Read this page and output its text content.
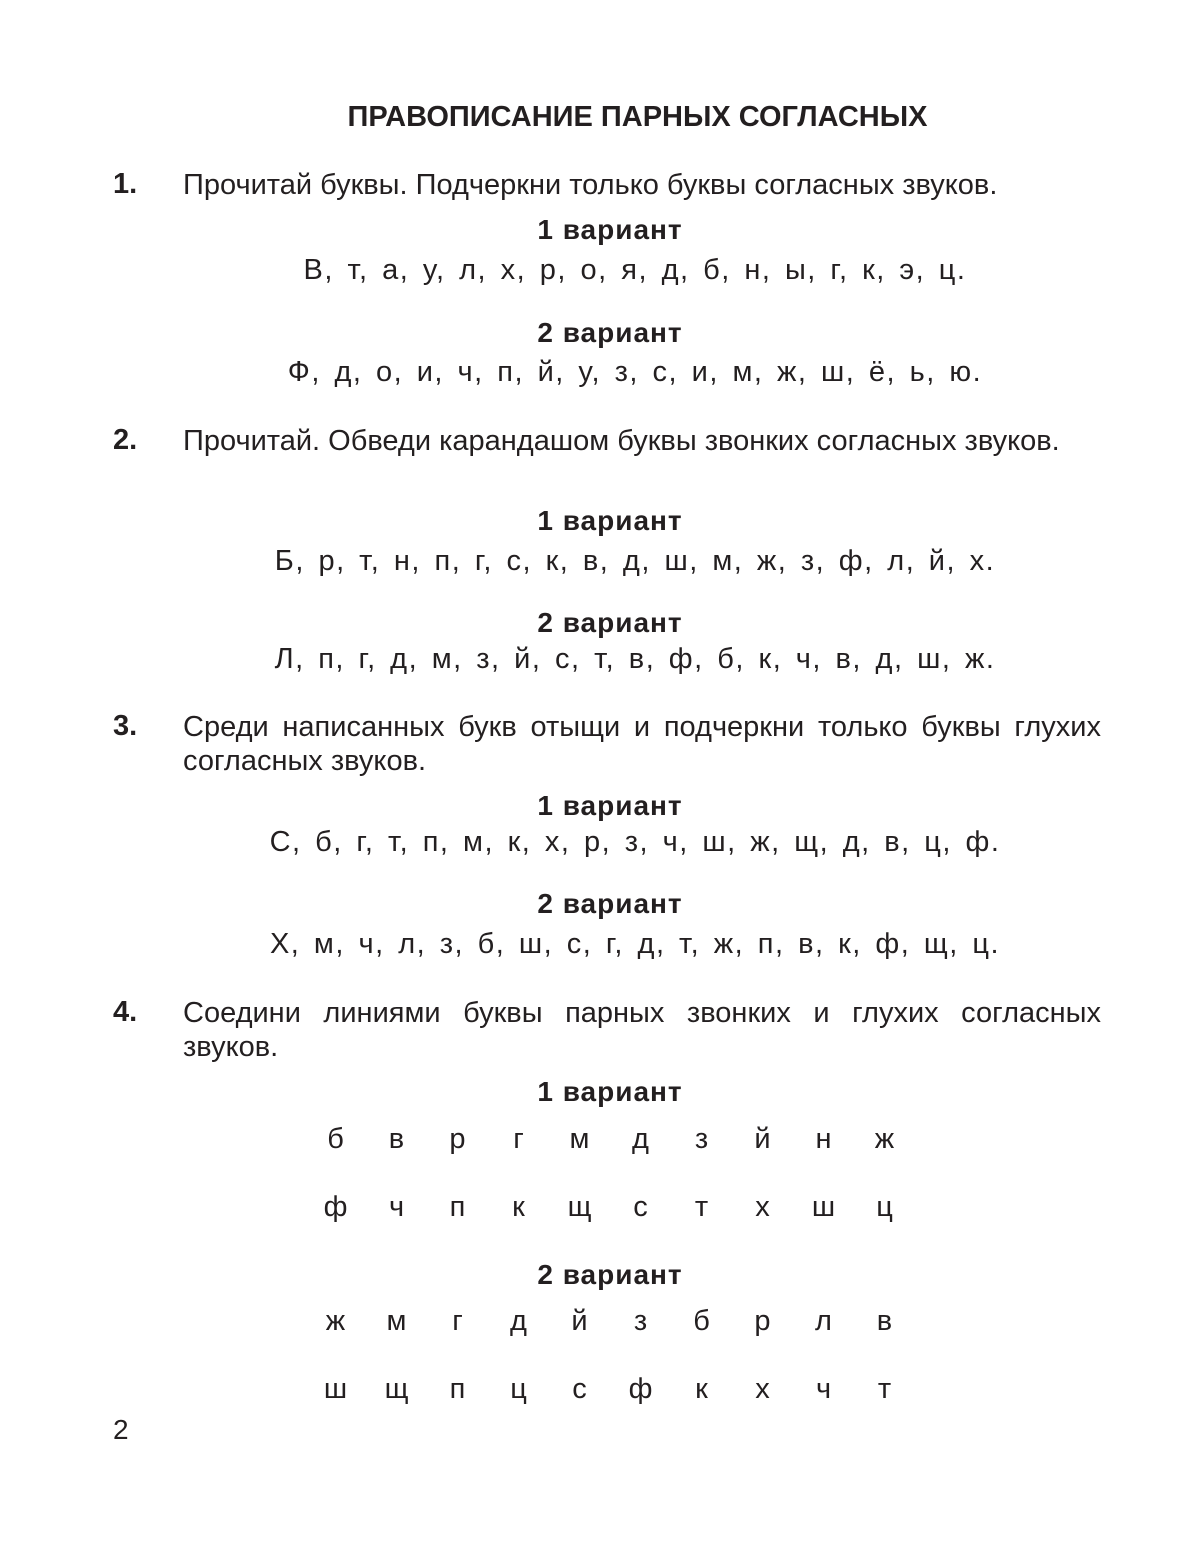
ПРАВОПИСАНИЕ ПАРНЫХ СОГЛАСНЫХ
1. Прочитай буквы. Подчеркни только буквы согласных звуков.
1 вариант
В, т, а, у, л, х, р, о, я, д, б, н, ы, г, к, э, ц.
2 вариант
Ф, д, о, и, ч, п, й, у, з, с, и, м, ж, ш, ё, ь, ю.
2. Прочитай. Обведи карандашом буквы звонких согласных звуков.
1 вариант
Б, р, т, н, п, г, с, к, в, д, ш, м, ж, з, ф, л, й, х.
2 вариант
Л, п, г, д, м, з, й, с, т, в, ф, б, к, ч, в, д, ш, ж.
3. Среди написанных букв отыщи и подчеркни только буквы глухих согласных звуков.
1 вариант
С, б, г, т, п, м, к, х, р, з, ч, ш, ж, щ, д, в, ц, ф.
2 вариант
Х, м, ч, л, з, б, ш, с, г, д, т, ж, п, в, к, ф, щ, ц.
4. Соедини линиями буквы парных звонких и глухих согласных звуков.
1 вариант
б	в	р	г	м	д	з	й	н	ж
ф	ч	п	к	щ	с	т	х	ш	ц
2 вариант
ж	м	г	д	й	з	б	р	л	в
ш	щ	п	ц	с	ф	к	х	ч	т
2
